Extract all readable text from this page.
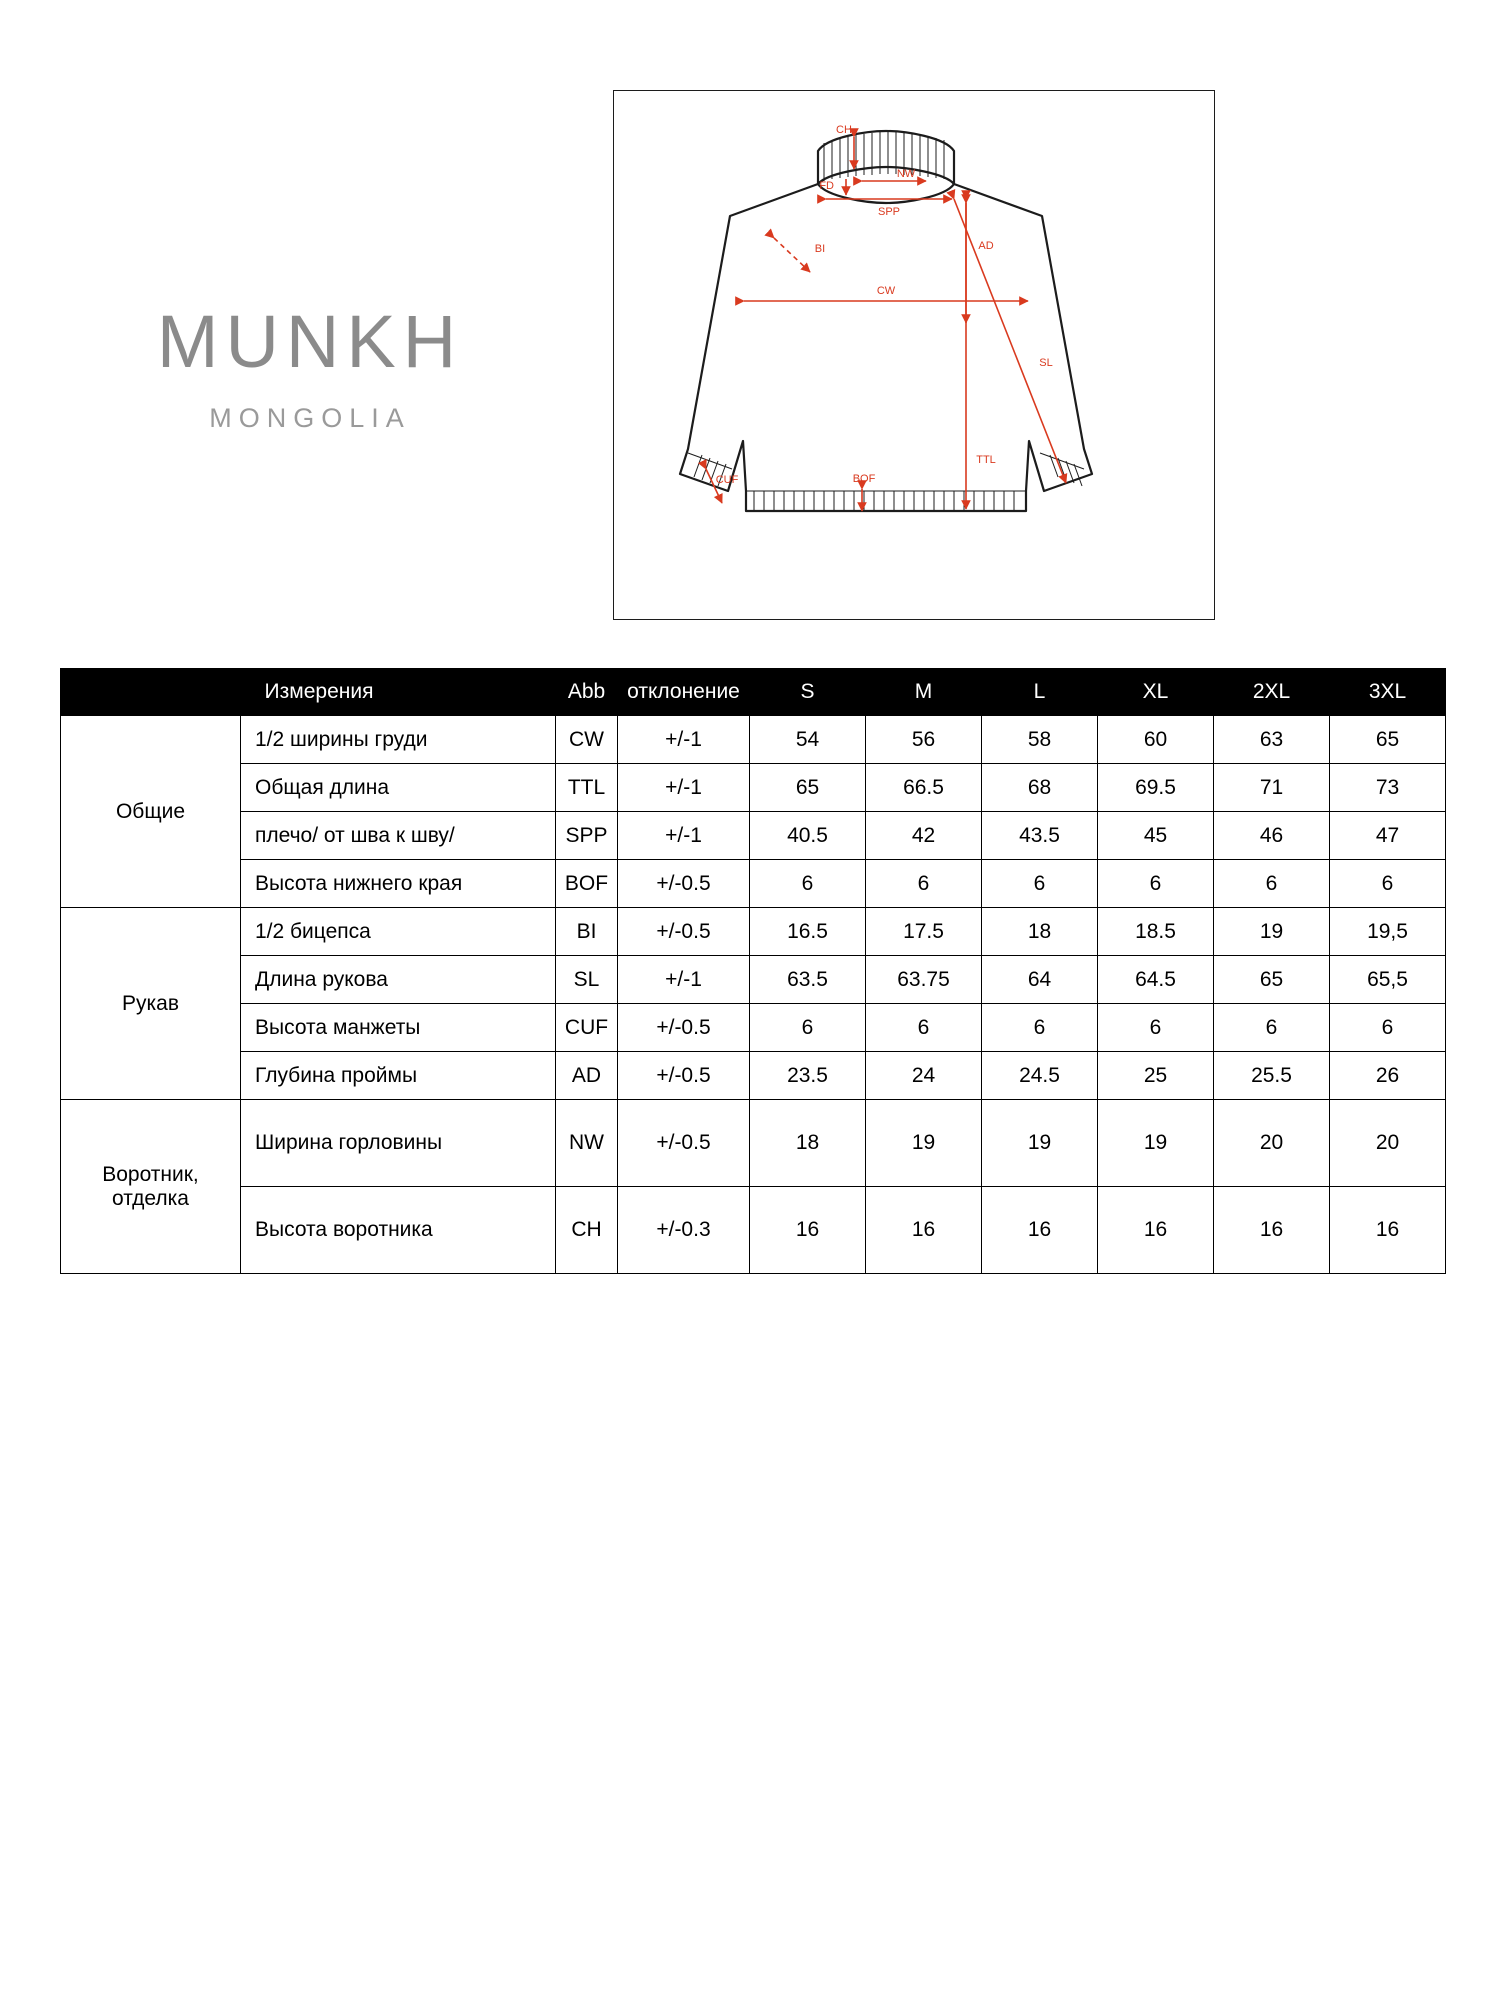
MUNKH
MONGOLIA
CH
NW
FD
SPP
AD
BI
CW
SL
TTL
BOF
CUF
Измерения		Abb	отклонение	S	M	L	XL	2XL	3XL
Общие	1/2 ширины груди	CW	+/-1	54	56	58	60	63	65
	Общая длина	TTL	+/-1	65	66.5	68	69.5	71	73
	плечо/ от шва к шву/	SPP	+/-1	40.5	42	43.5	45	46	47
	Высота нижнего края	BOF	+/-0.5	6	6	6	6	6	6
Рукав	1/2 бицепса	BI	+/-0.5	16.5	17.5	18	18.5	19	19,5
	Длина рукова	SL	+/-1	63.5	63.75	64	64.5	65	65,5
	Высота манжеты	CUF	+/-0.5	6	6	6	6	6	6
	Глубина проймы	AD	+/-0.5	23.5	24	24.5	25	25.5	26
Воротник, отделка	Ширина горловины	NW	+/-0.5	18	19	19	19	20	20
	Высота воротника	CH	+/-0.3	16	16	16	16	16	16
